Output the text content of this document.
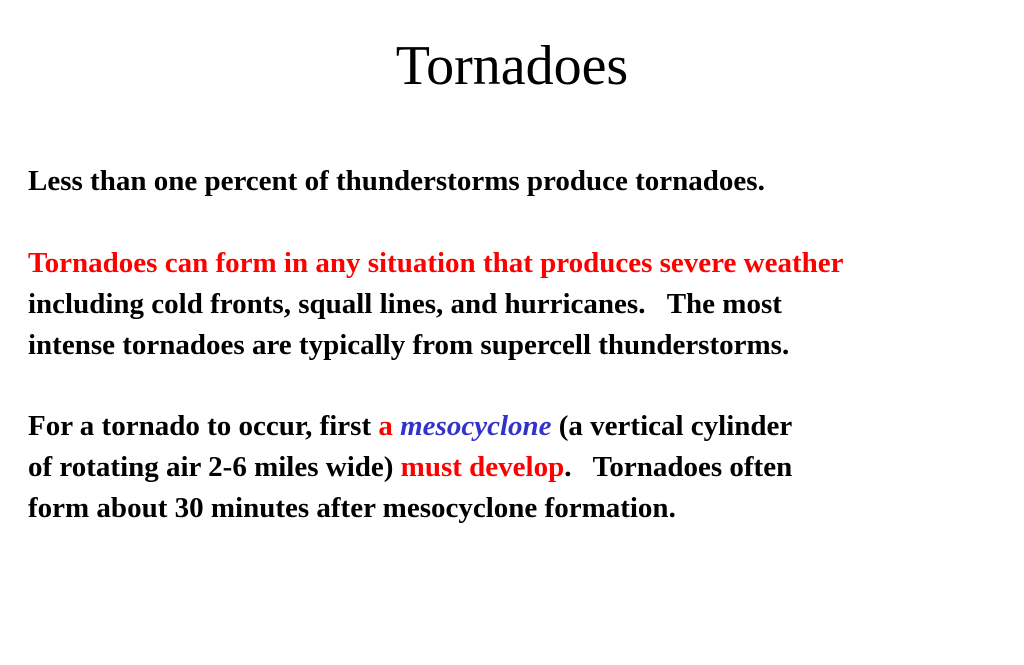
Tornadoes

Less than one percent of thunderstorms produce tornadoes.

Tornadoes can form in any situation that produces severe weather
including cold fronts, squall lines, and hurricanes.   The most
intense tornadoes are typically from supercell thunderstorms.

For a tornado to occur, first a mesocyclone (a vertical cylinder
of rotating air 2-6 miles wide) must develop.   Tornadoes often
form about 30 minutes after mesocyclone formation.
